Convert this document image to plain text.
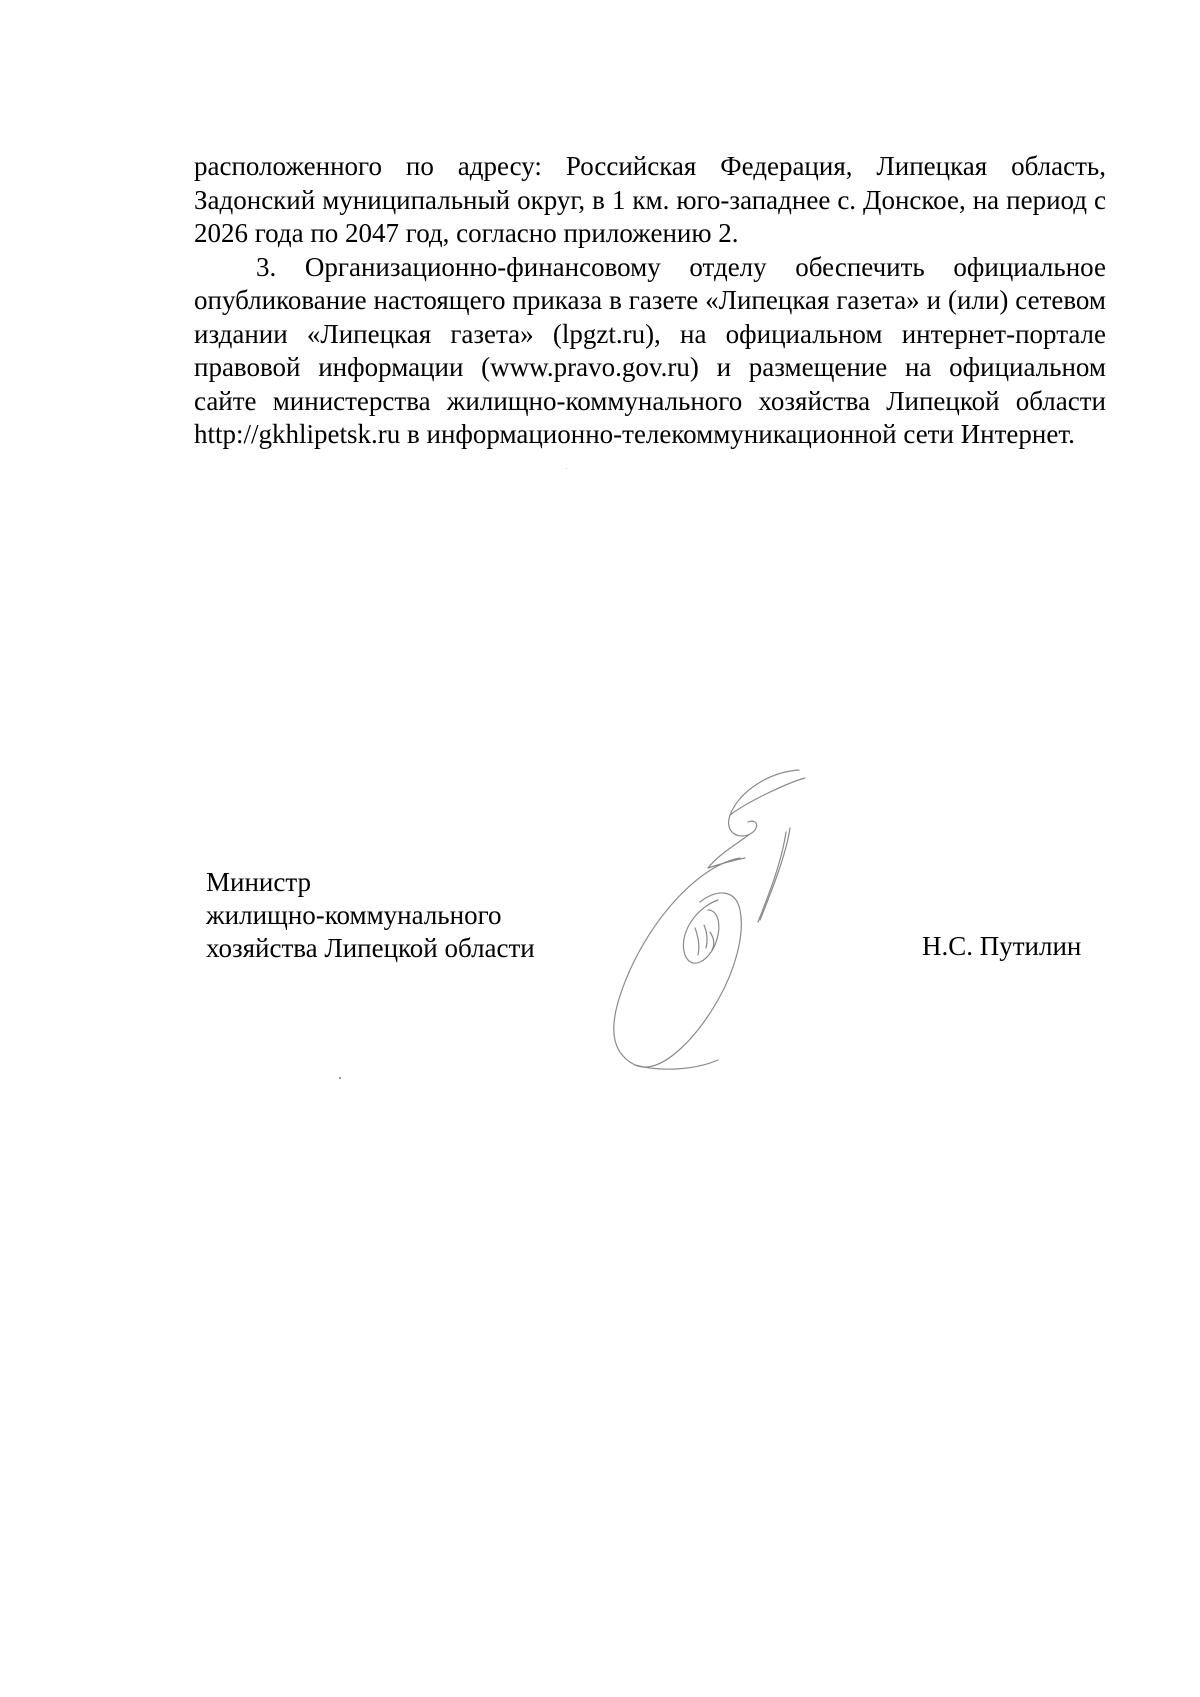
расположенного по адресу: Российская Федерация, Липецкая область, Задонский муниципальный округ, в 1 км. юго-западнее с. Донское, на период с 2026 года по 2047 год, согласно приложению 2.

3. Организационно-финансовому отделу обеспечить официальное опубликование настоящего приказа в газете «Липецкая газета» и (или) сетевом издании «Липецкая газета» (lpgzt.ru), на официальном интернет-портале правовой информации (www.pravo.gov.ru) и размещение на официальном сайте министерства жилищно-коммунального хозяйства Липецкой области http://gkhlipetsk.ru в информационно-телекоммуникационной сети Интернет.

Министр
жилищно-коммунального
хозяйства Липецкой области	Н.С. Путилин
